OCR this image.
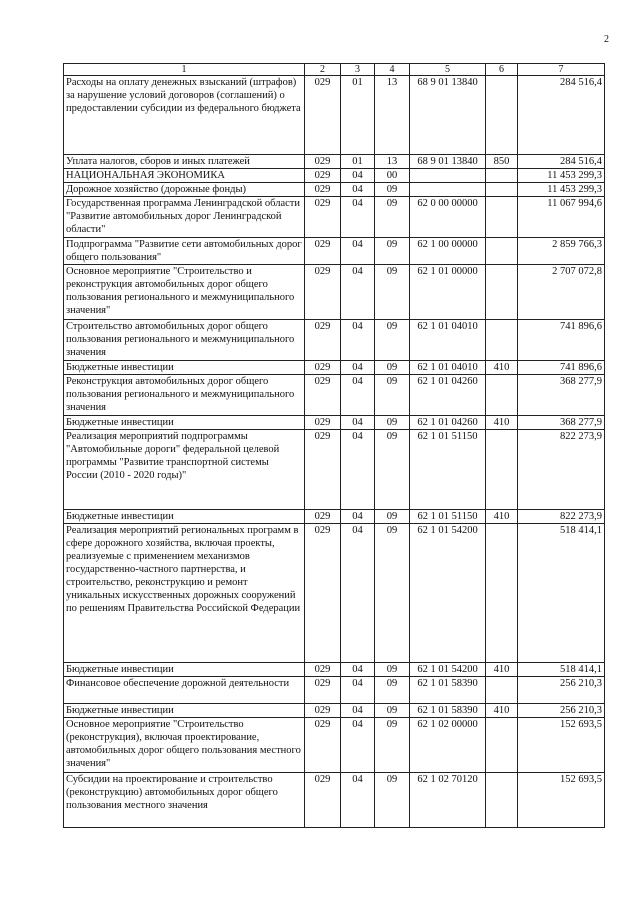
2
1	2	3	4	5	6	7
Расходы на оплату денежных взысканий (штрафов) за нарушение условий договоров (соглашений) о предоставлении субсидии из федерального бюджета	029	01	13	68 9 01 13840		284 516,4
Уплата налогов, сборов и иных платежей	029	01	13	68 9 01 13840	850	284 516,4
НАЦИОНАЛЬНАЯ ЭКОНОМИКА	029	04	00			11 453 299,3
Дорожное хозяйство (дорожные фонды)	029	04	09			11 453 299,3
Государственная программа Ленинградской области "Развитие автомобильных дорог Ленинградской области"	029	04	09	62 0 00 00000		11 067 994,6
Подпрограмма "Развитие сети автомобильных дорог общего пользования"	029	04	09	62 1 00 00000		2 859 766,3
Основное мероприятие "Строительство и реконструкция автомобильных дорог общего пользования регионального и межмуниципального значения"	029	04	09	62 1 01 00000		2 707 072,8
Строительство автомобильных дорог общего пользования регионального и межмуниципального значения	029	04	09	62 1 01 04010		741 896,6
Бюджетные инвестиции	029	04	09	62 1 01 04010	410	741 896,6
Реконструкция автомобильных дорог общего пользования регионального и межмуниципального значения	029	04	09	62 1 01 04260		368 277,9
Бюджетные инвестиции	029	04	09	62 1 01 04260	410	368 277,9
Реализация мероприятий подпрограммы "Автомобильные дороги" федеральной целевой программы "Развитие транспортной системы России (2010 - 2020 годы)"	029	04	09	62 1 01 51150		822 273,9
Бюджетные инвестиции	029	04	09	62 1 01 51150	410	822 273,9
Реализация мероприятий региональных программ в сфере дорожного хозяйства, включая проекты, реализуемые с применением механизмов государственно-частного партнерства, и строительство, реконструкцию и ремонт уникальных искусственных дорожных сооружений по решениям Правительства Российской Федерации	029	04	09	62 1 01 54200		518 414,1
Бюджетные инвестиции	029	04	09	62 1 01 54200	410	518 414,1
Финансовое обеспечение дорожной деятельности	029	04	09	62 1 01 58390		256 210,3
Бюджетные инвестиции	029	04	09	62 1 01 58390	410	256 210,3
Основное мероприятие "Строительство (реконструкция), включая проектирование, автомобильных дорог общего пользования местного значения"	029	04	09	62 1 02 00000		152 693,5
Субсидии на проектирование и строительство (реконструкцию) автомобильных дорог общего пользования местного значения	029	04	09	62 1 02 70120		152 693,5
